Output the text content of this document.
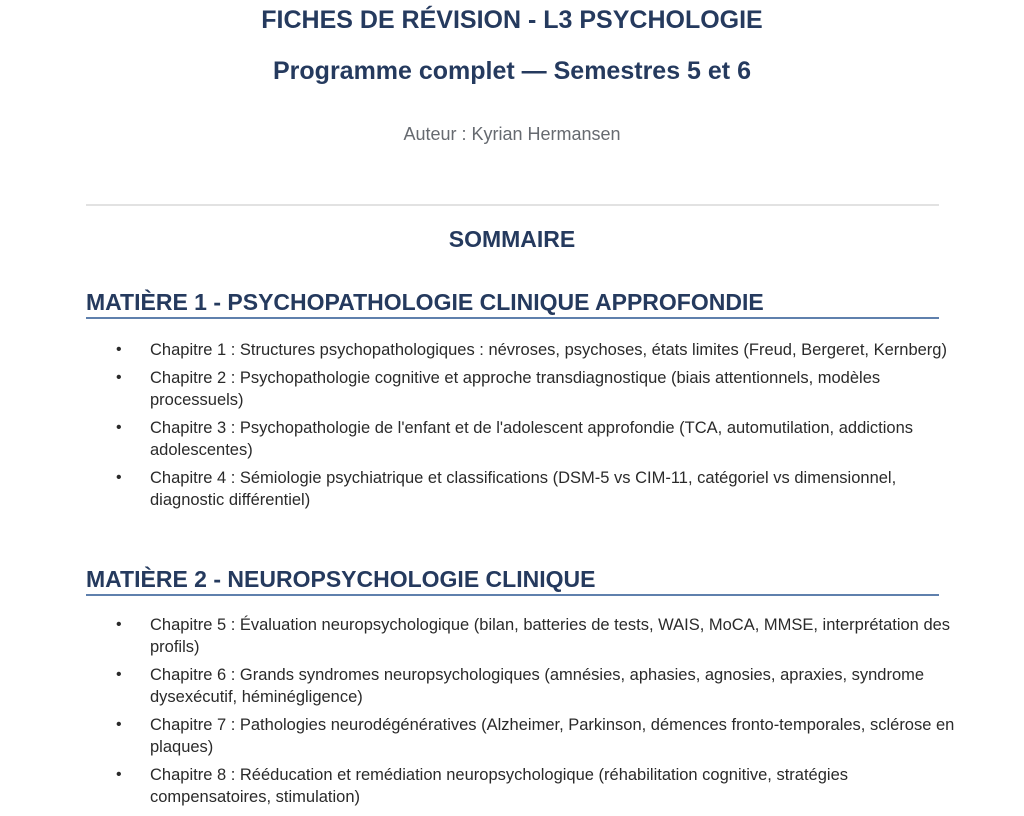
FICHES DE RÉVISION - L3 PSYCHOLOGIE
Programme complet — Semestres 5 et 6
Auteur : Kyrian Hermansen
SOMMAIRE
MATIÈRE 1 - PSYCHOPATHOLOGIE CLINIQUE APPROFONDIE
• Chapitre 1 : Structures psychopathologiques : névroses, psychoses, états limites (Freud, Bergeret, Kernberg)
• Chapitre 2 : Psychopathologie cognitive et approche transdiagnostique (biais attentionnels, modèles processuels)
• Chapitre 3 : Psychopathologie de l'enfant et de l'adolescent approfondie (TCA, automutilation, addictions adolescentes)
• Chapitre 4 : Sémiologie psychiatrique et classifications (DSM-5 vs CIM-11, catégoriel vs dimensionnel, diagnostic différentiel)
MATIÈRE 2 - NEUROPSYCHOLOGIE CLINIQUE
• Chapitre 5 : Évaluation neuropsychologique (bilan, batteries de tests, WAIS, MoCA, MMSE, interprétation des profils)
• Chapitre 6 : Grands syndromes neuropsychologiques (amnésies, aphasies, agnosies, apraxies, syndrome dysexécutif, héminégligence)
• Chapitre 7 : Pathologies neurodégénératives (Alzheimer, Parkinson, démences fronto-temporales, sclérose en plaques)
• Chapitre 8 : Rééducation et remédiation neuropsychologique (réhabilitation cognitive, stratégies compensatoires, stimulation)
